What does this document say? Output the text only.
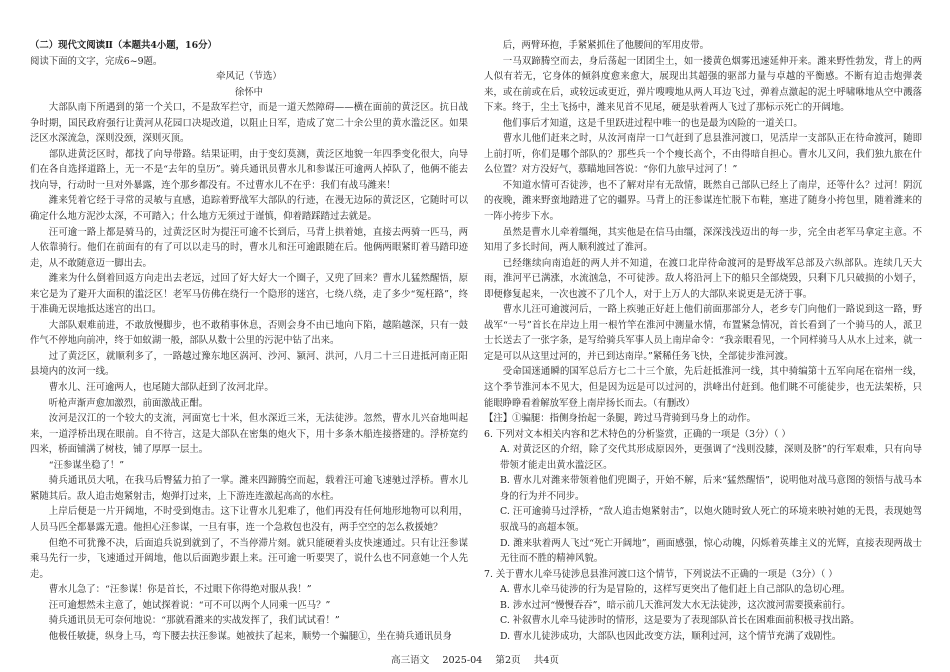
（二）现代文阅读Ⅱ（本题共4小题，16分）

阅读下面的文字，完成6~9题。

牵风记（节选）

徐怀中

大部队南下所遇到的第一个关口，不是敌军拦守，而是一道天然障碍——横在面前的黄泛区。抗日战争时期，国民政府强行让黄河从花园口决堤改道，以阻止日军，造成了宽二十余公里的黄水滥泛区。如果泛区水深流急，深则没颈，深则灭顶。

部队进黄泛区时，都找了向导带路。结果证明，由于变幻莫测，黄泛区地貌一年四季变化很大，向导们在各自选择道路上，无一不是“去年的皇历”。骑兵通讯员曹水儿和参谋汪可逾两人掉队了，他俩不能去找向导，行动时一旦对外暴露，连个那乡都没有。不过曹水儿不在乎：我们有战马潍来！

潍来凭着它经于寻常的灵敏与直感，追踪着野战军大部队的行迹，在漫无边际的黄泛区，它随时可以确定什么地方泥沙太深，不可踏入；什么地方无须过于谨慎，仰着踏踩踏过去就是。

汪可逾一路上都是骑马的，过黄泛区时为提汪可逾不长到后，马背上拱着她，直接去两骑一匹马，两人依靠骑行。他们在前面有的有了可以以走马的时，曹水儿和汪可逾跟随在后。他俩两眼紧盯着马踏印迹走，从不敢随意迈一脚出去。

潍来为什么倒着回返方向走出去老远，过回了好大好大一个圈子，又兜了回来？曹水儿猛然醒悟，原来它是为了避开大面积的滥泛区！老军马仿佛在绕行一个隐形的迷宫，七绕八绕，走了多少“冤枉路”，终于准确无误地抵达迷宫的出口。

大部队艰难前进，不敢放慢脚步，也不敢稍事休息，否则会身不由已地向下陷，越陷越深，只有一鼓作气不停地向前冲，终于如蚁湖一般，部队从数十公里的污泥中钻了出来。

过了黄泛区，就顺利多了，一路越过豫东地区涡河、沙河、颍河、洪河，八月二十三日进抵河南正阳县境内的汝河一线。

曹水儿、汪可逾两人，也尾随大部队赶到了汝河北岸。

听枪声渐声愈加激烈，前面激战正酣。

汝河是汉江的一个较大的支流，河面宽七十米，但水深近三米，无法徒涉。忽然，曹水儿兴奋地叫起来，一道浮桥出现在眼前。自不待言，这是大部队在密集的炮火下，用十多条木船连接搭建的。浮桥宽约四米，桥面铺满了树枝，铺了厚厚一层土。

“汪参谋坐稳了！”

骑兵通讯员大吼，在我马后臀猛力拍了一掌。潍来四蹄腾空而起，载着汪可逾飞速驰过浮桥。曹水儿紧随其后。敌人追击炮紧射击，炮弹打过来，上下游连连激起高高的水柱。

上岸后便是一片开阔地，不时受到炮击。这下让曹水儿犯难了，他们再没有任何地形地物可以利用，人员马匹全都暴露无遗。他担心汪参谋，一旦有事，连一个急救包也没有，两手空空的怎么救援她？

但绝不可犹豫不决，后面追兵说到就到了，不当停滞片刻。就只能硬着头皮快速通过。只有让汪参谋乘马先行一步，飞速通过开阔地，他以后面跑步跟上来。汪可逾一听要哭了，说什么也不同意她一个人先走。

曹水儿急了：“汪参谋！你是首长，不过眼下你得绝对服从我！”

汪可逾想然未主意了，她试探着说：“可不可以两个人同乘一匹马？”

骑兵通讯员无可奈何地说：“那就看潍来的实战发挥了，我们试试看！”

他极任敏捷，纵身上马，弯下腰去扶汪参谋。她被扶了起来，顺势一个骗腿①，坐在骑兵通讯员身

后，两臂环抱，手紧紧抓住了他腰间的军用皮带。

一马双蹄腾空而去，身后荡起一团团尘土，如一搂黄色烟雾迅速延伸开来。潍来野性勃发，背上的两人似有若无，它身体的倾斜度愈来愈大，展现出其超强的驱部力量与卓越的平衡感。不断有迫击炮弹袭来，或在前或在后，或较远或更近，弹片嗖嗖地从两人耳边飞过，弹着点激起的泥土呼啸咻地从空中溅落下来。终于，尘土飞扬中，潍来见首不见尾，硬是驮着两人飞过了那标示死亡的开阔地。

他们事后才知道，这是千里跃进过程中唯一的也是最为凶险的一道关口。

曹水儿他们赶来之时，从汝河南岸一口气赶到了息县淮河渡口，见活岸一支部队正在待命渡河，随即上前打听，你们是哪个部队的？那些兵一个个瘦长高个，不由得暗自担心。曹水儿又问，我们独九旅在什么位置？对方没好气，慕瞄地回答说：“你们九旅早过河了！”

不知道水情可否徒涉，也不了解对岸有无敌情，既然自己部队已经上了南岸，还等什么？过河！阴沉的夜晚，潍来野蛮地踏进了它的疆界。马背上的汪参谋连忙脱下布鞋，塞进了随身小挎包里，随着潍来的一阵小挎步下水。

虽然是曹水儿牵着缰绳，其实他是在信马由缰，深深浅浅迈出的每一步，完全由老军马拿定主意。不知用了多长时间，两人顺利渡过了淮河。

已经继续向南追赶的两人并不知道，在渡口北岸待命渡河的是野战军总部及六纵部队。连续几天大雨，淮河平已满涨，水流汹急，不可徒涉。敌人将沿河上下的船只全部烧毁，只剩下几只破损的小划子，即便修复起来，一次也渡不了几个人，对于上万人的大部队来说更是无济于事。

曹水儿汪可逾渡河后，一路上疾驰正好赶上他们前面那部分人，老乡专门向他们一路说到这一路，野战军“一号”首长在岸边上用一根竹竿在淮河中测量水情，布置紧急情况，首长看到了一个骑马的人，派卫士长送去了一张字条，是写给骑兵军事人员上南岸命令：“我亲眼看见，一个同样骑马人从水上过来，就一定是可以从这里过河的，并已到达南岸。”紧稀任务飞快，全部徒步淮河渡。

受命国迷通瞬的国军总后方七二十三个旅，先后赶抵淮河一线，其中骑编第十五军向尾在宿州一线，这个季节淮河本不见大，但是因为远是可以过河的，洪峰出付赶到。他们眺不可能徒步，也无法架桥，只能眼睁睁看着解放军登上南岸扬长而去。（有删改）

【注】①骗腿：指侧身抬起一条腿，跨过马背骑到马身上的动作。

6. 下列对文本相关内容和艺术特色的分析鉴赏，正确的一项是（3分）（ ）

A. 对黄泛区的介绍，除了交代其形成原因外，更强调了“浅则没膝，深则及脐”的行军艰难，只有向导带领才能走出黄水滥泛区。

B. 曹水儿对潍来带领着他们兜圈子，开始不解，后来“猛然醒悟”，说明他对战马意图的领悟与战马本身的行为并不同步。

C. 汪可逾骑马过浮桥，“敌人追击炮紧射击”，以炮火随时致人死亡的环境来映衬她的无畏，表现她驾驭战马的高超本领。

D. 潍来驮着两人飞过“死亡开阔地”，画面感强，惊心动魄，闪烁着英雄主义的光辉，直接表现两战士无往而不胜的精神风貌。

7. 关于曹水儿牵马徒涉息县淮河渡口这个情节，下列说法不正确的一项是（3分）（ ）

A. 曹水儿牵马徒涉的行为是冒险的，这样写更突出了他们赶上自己部队的急切心理。

B. 涉水过河“慢慢吞吞”，暗示前几天淮河发大水无法徒涉，这次渡河需要摸索前行。

C. 补叙曹水儿牵马徒涉时的情形，这是要为了表现部队首长在困难面前积极寻找出路。

D. 曹水儿徒涉成功，大部队也因此改变方法，顺利过河，这个情节充满了戏剧性。

高三语文 2025-04 第2页 共4页
